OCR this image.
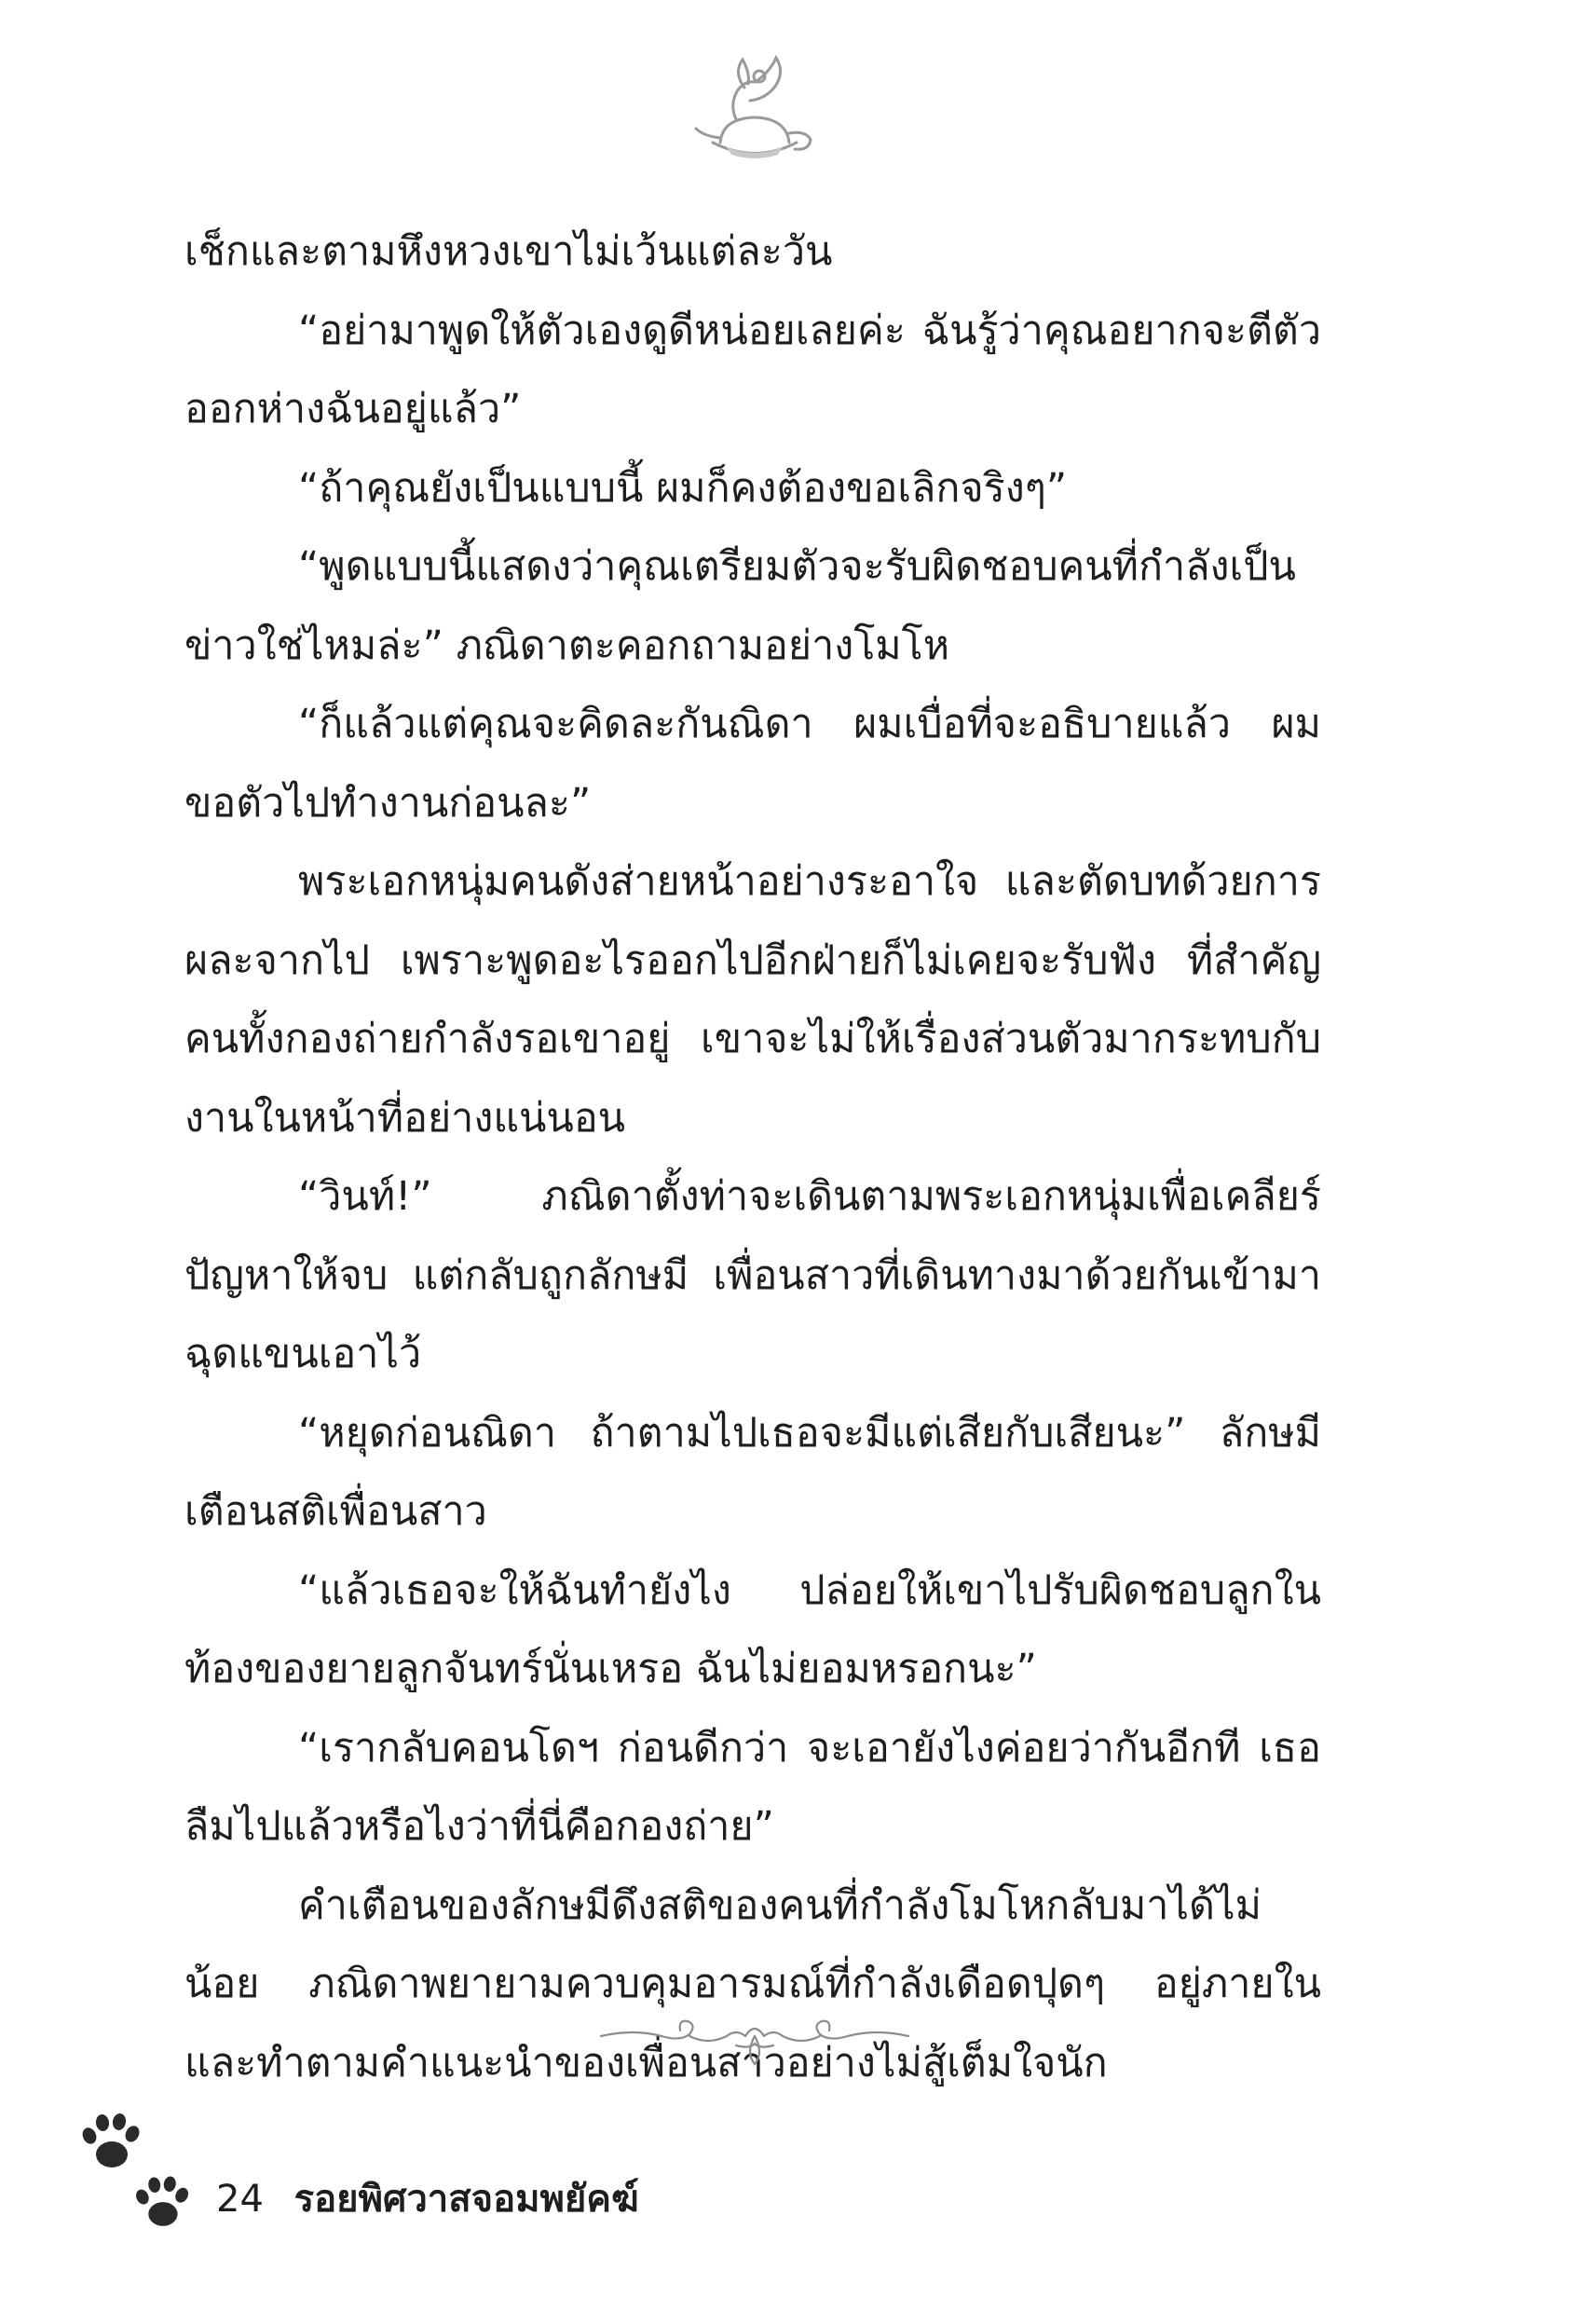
เช็กและตามหึงหวงเขาไม่เว้นแต่ละวัน

“อย่ามาพูดให้ตัวเองดูดีหน่อยเลยค่ะ ฉันรู้ว่าคุณอยากจะตีตัวออกห่างฉันอยู่แล้ว”

“ถ้าคุณยังเป็นแบบนี้ ผมก็คงต้องขอเลิกจริงๆ”

“พูดแบบนี้แสดงว่าคุณเตรียมตัวจะรับผิดชอบคนที่กำลังเป็นข่าวใช่ไหมล่ะ” ภณิดาตะคอกถามอย่างโมโห

“ก็แล้วแต่คุณจะคิดละกันณิดา ผมเบื่อที่จะอธิบายแล้ว ผมขอตัวไปทำงานก่อนละ”

พระเอกหนุ่มคนดังส่ายหน้าอย่างระอาใจ และตัดบทด้วยการผละจากไป เพราะพูดอะไรออกไปอีกฝ่ายก็ไม่เคยจะรับฟัง ที่สำคัญคนทั้งกองถ่ายกำลังรอเขาอยู่ เขาจะไม่ให้เรื่องส่วนตัวมากระทบกับงานในหน้าที่อย่างแน่นอน

“วินท์!” ภณิดาตั้งท่าจะเดินตามพระเอกหนุ่มเพื่อเคลียร์ปัญหาให้จบ แต่กลับถูกลักษมี เพื่อนสาวที่เดินทางมาด้วยกันเข้ามาฉุดแขนเอาไว้

“หยุดก่อนณิดา ถ้าตามไปเธอจะมีแต่เสียกับเสียนะ” ลักษมีเตือนสติเพื่อนสาว

“แล้วเธอจะให้ฉันทำยังไง ปล่อยให้เขาไปรับผิดชอบลูกในท้องของยายลูกจันทร์นั่นเหรอ ฉันไม่ยอมหรอกนะ”

“เรากลับคอนโดฯ ก่อนดีกว่า จะเอายังไงค่อยว่ากันอีกที เธอลืมไปแล้วหรือไงว่าที่นี่คือกองถ่าย”

คำเตือนของลักษมีดึงสติของคนที่กำลังโมโหกลับมาได้ไม่น้อย ภณิดาพยายามควบคุมอารมณ์ที่กำลังเดือดปุดๆ อยู่ภายใน และทำตามคำแนะนำของเพื่อนสาวอย่างไม่สู้เต็มใจนัก

24 รอยพิศวาสจอมพยัคฆ์
